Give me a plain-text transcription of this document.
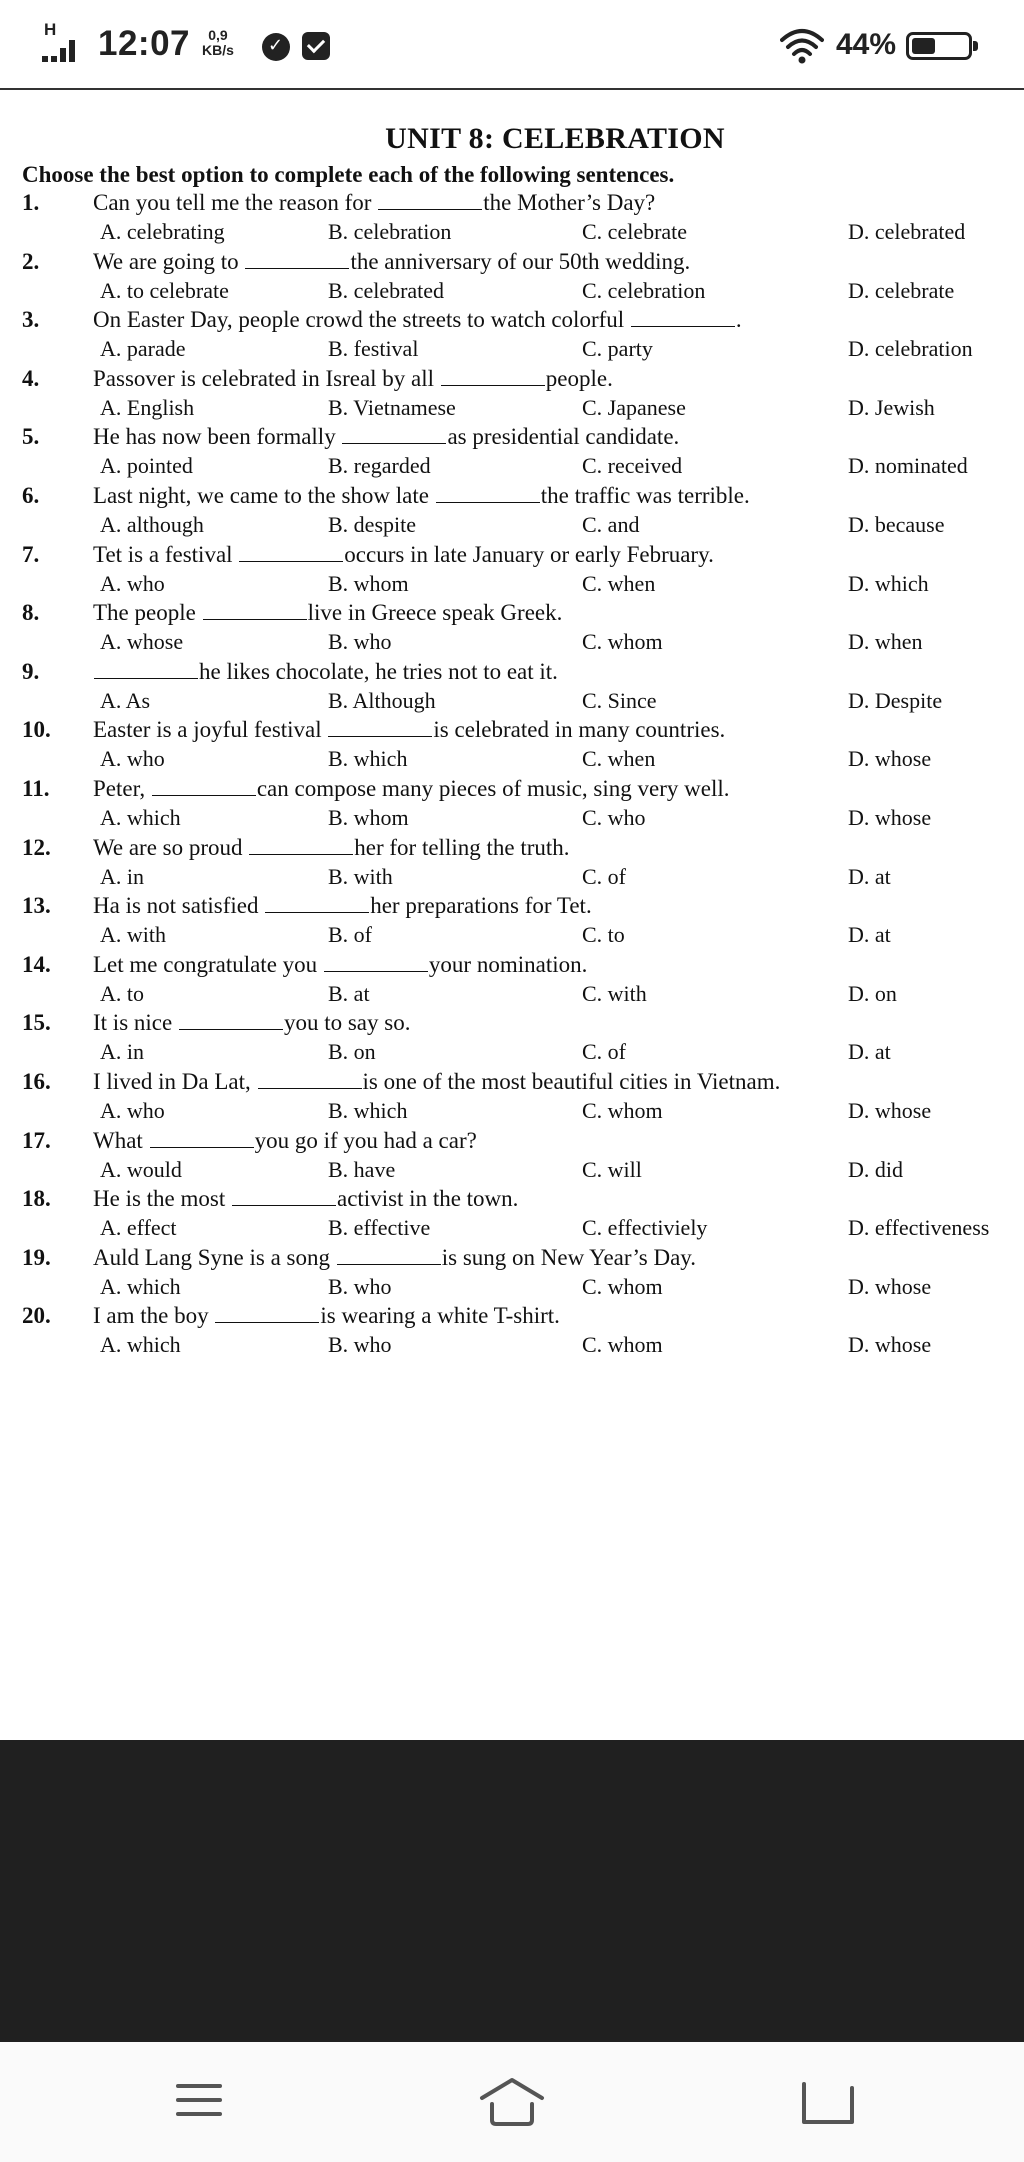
H 12:07	0,9
KB/s
✓	44%
UNIT 8: CELEBRATION
Choose the best option to complete each of the following sentences.
1. Can you tell me the reason for	the Mother’s Day?
A. celebrating	B. celebration	C. celebrate	D. celebrated
2. We are going to	the anniversary of our 50th wedding.
A. to celebrate	B. celebrated	C. celebration	D. celebrate
3. On Easter Day, people crowd the streets to watch colorful	.
A. parade	B. festival	C. party	D. celebration
4. Passover is celebrated in Isreal by all	people.
A. English	B. Vietnamese	C. Japanese	D. Jewish
5. He has now been formally	as presidential candidate.
A. pointed	B. regarded	C. received	D. nominated
6. Last night, we came to the show late	the traffic was terrible.
A. although	B. despite	C. and	D. because
7. Tet is a festival	occurs in late January or early February.
A. who	B. whom	C. when	D. which
8. The people	live in Greece speak Greek.
A. whose	B. who	C. whom	D. when
9.	he likes chocolate, he tries not to eat it.
A. As	B. Although	C. Since	D. Despite
10. Easter is a joyful festival	is celebrated in many countries.
A. who	B. which	C. when	D. whose
11. Peter,	can compose many pieces of music, sing very well.
A. which	B. whom	C. who	D. whose
12. We are so proud	her for telling the truth.
A. in	B. with	C. of	D. at
13. Ha is not satisfied	her preparations for Tet.
A. with	B. of	C. to	D. at
14. Let me congratulate you	your nomination.
A. to	B. at	C. with	D. on
15. It is nice	you to say so.
A. in	B. on	C. of	D. at
16. I lived in Da Lat,	is one of the most beautiful cities in Vietnam.
A. who	B. which	C. whom	D. whose
17. What	you go if you had a car?
A. would	B. have	C. will	D. did
18. He is the most	activist in the town.
A. effect	B. effective	C. effectiviely	D. effectiveness
19. Auld Lang Syne is a song	is sung on New Year’s Day.
A. which	B. who	C. whom	D. whose
20. I am the boy	is wearing a white T-shirt.
A. which	B. who	C. whom	D. whose
